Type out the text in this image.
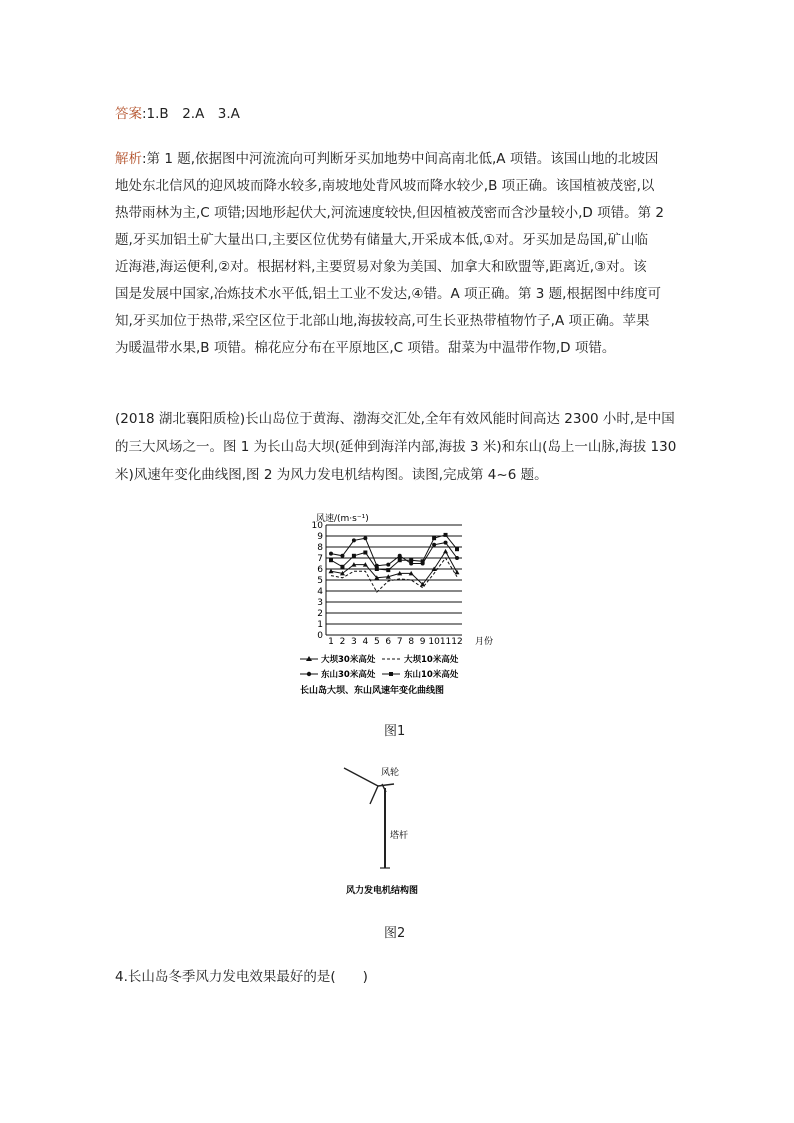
答案:1.B　2.A　3.A
解析:第 1 题,依据图中河流流向可判断牙买加地势中间高南北低,A 项错。该国山地的北坡因
地处东北信风的迎风坡而降水较多,南坡地处背风坡而降水较少,B 项正确。该国植被茂密,以
热带雨林为主,C 项错;因地形起伏大,河流速度较快,但因植被茂密而含沙量较小,D 项错。第 2
题,牙买加铝土矿大量出口,主要区位优势有储量大,开采成本低,①对。牙买加是岛国,矿山临
近海港,海运便利,②对。根据材料,主要贸易对象为美国、加拿大和欧盟等,距离近,③对。该
国是发展中国家,冶炼技术水平低,铝土工业不发达,④错。A 项正确。第 3 题,根据图中纬度可
知,牙买加位于热带,采空区位于北部山地,海拔较高,可生长亚热带植物竹子,A 项正确。苹果
为暖温带水果,B 项错。棉花应分布在平原地区,C 项错。甜菜为中温带作物,D 项错。
(2018 湖北襄阳质检)长山岛位于黄海、渤海交汇处,全年有效风能时间高达 2300 小时,是中国
的三大风场之一。图 1 为长山岛大坝(延伸到海洋内部,海拔 3 米)和东山(岛上一山脉,海拔 130
米)风速年变化曲线图,图 2 为风力发电机结构图。读图,完成第 4~6 题。
风速/(m·s⁻¹)
0
1
2
3
4
5
6
7
8
9
10
1 2 3 4 5 6 7 8 9 10 11 12 月份
大坝30米高处	大坝10米高处
东山30米高处	东山10米高处
长山岛大坝、东山风速年变化曲线图
图1
风轮
塔杆
风力发电机结构图
图2
4.长山岛冬季风力发电效果最好的是(　　)
